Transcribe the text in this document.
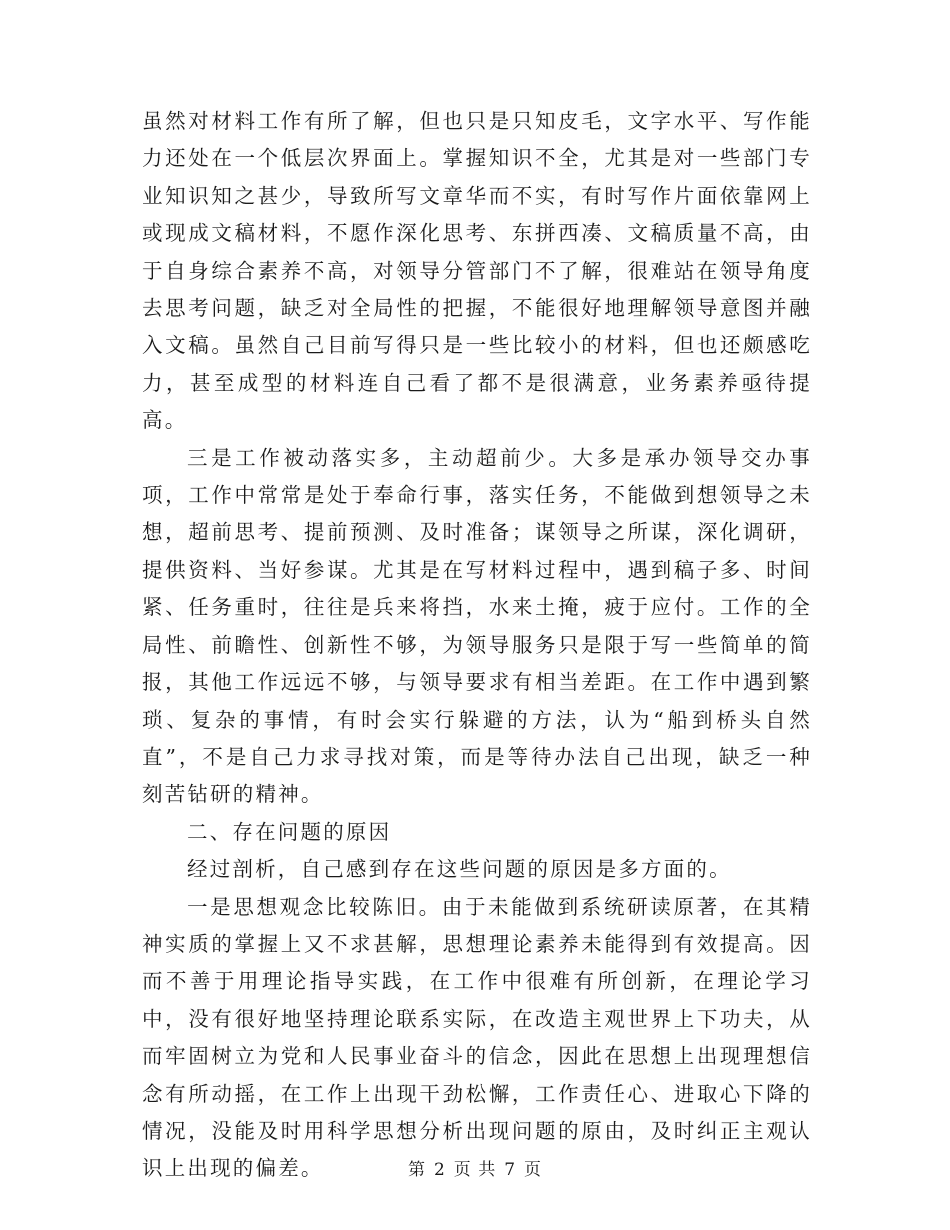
虽然对材料工作有所了解，但也只是只知皮毛，文字水平、写作能力还处在一个低层次界面上。掌握知识不全，尤其是对一些部门专业知识知之甚少，导致所写文章华而不实，有时写作片面依靠网上或现成文稿材料，不愿作深化思考、东拼西凑、文稿质量不高，由于自身综合素养不高，对领导分管部门不了解，很难站在领导角度去思考问题，缺乏对全局性的把握，不能很好地理解领导意图并融入文稿。虽然自己目前写得只是一些比较小的材料，但也还颇感吃力，甚至成型的材料连自己看了都不是很满意，业务素养亟待提高。

三是工作被动落实多，主动超前少。大多是承办领导交办事项，工作中常常是处于奉命行事，落实任务，不能做到想领导之未想，超前思考、提前预测、及时准备；谋领导之所谋，深化调研，提供资料、当好参谋。尤其是在写材料过程中，遇到稿子多、时间紧、任务重时，往往是兵来将挡，水来土掩，疲于应付。工作的全局性、前瞻性、创新性不够，为领导服务只是限于写一些简单的简报，其他工作远远不够，与领导要求有相当差距。在工作中遇到繁琐、复杂的事情，有时会实行躲避的方法，认为“船到桥头自然直”，不是自己力求寻找对策，而是等待办法自己出现，缺乏一种刻苦钻研的精神。

二、存在问题的原因

经过剖析，自己感到存在这些问题的原因是多方面的。

一是思想观念比较陈旧。由于未能做到系统研读原著，在其精神实质的掌握上又不求甚解，思想理论素养未能得到有效提高。因而不善于用理论指导实践，在工作中很难有所创新，在理论学习中，没有很好地坚持理论联系实际，在改造主观世界上下功夫，从而牢固树立为党和人民事业奋斗的信念，因此在思想上出现理想信念有所动摇，在工作上出现干劲松懈，工作责任心、进取心下降的情况，没能及时用科学思想分析出现问题的原由，及时纠正主观认识上出现的偏差。	第 2 页 共 7 页
